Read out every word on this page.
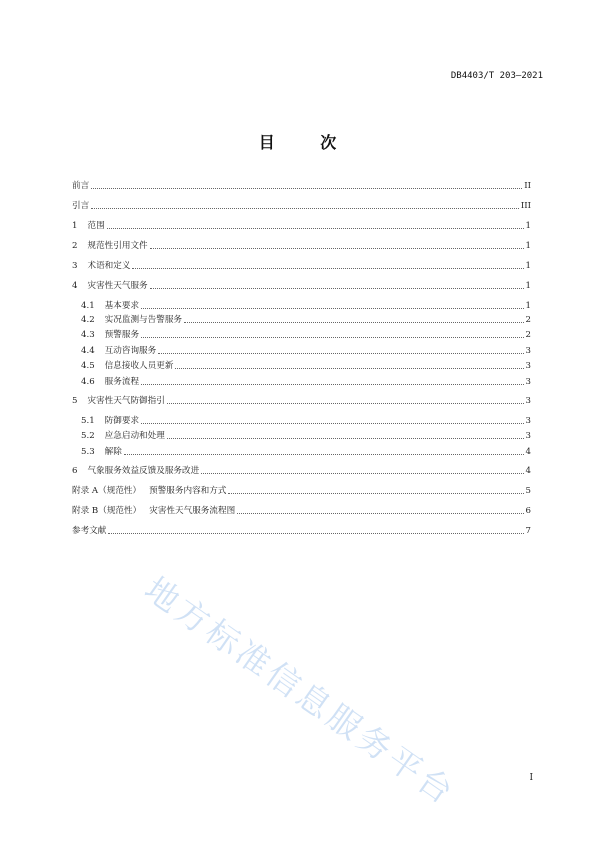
DB4403/T 203—2021
目 次
前言	II
引言	III
1 范围	1
2 规范性引用文件	1
3 术语和定义	1
4 灾害性天气服务	1
4.1 基本要求	1
4.2 实况监测与告警服务	2
4.3 预警服务	2
4.4 互动咨询服务	3
4.5 信息接收人员更新	3
4.6 服务流程	3
5 灾害性天气防御指引	3
5.1 防御要求	3
5.2 应急启动和处理	3
5.3 解除	4
6 气象服务效益反馈及服务改进	4
附录 A（规范性） 预警服务内容和方式	5
附录 B（规范性） 灾害性天气服务流程图	6
参考文献	7
地方标准信息服务平台	I
